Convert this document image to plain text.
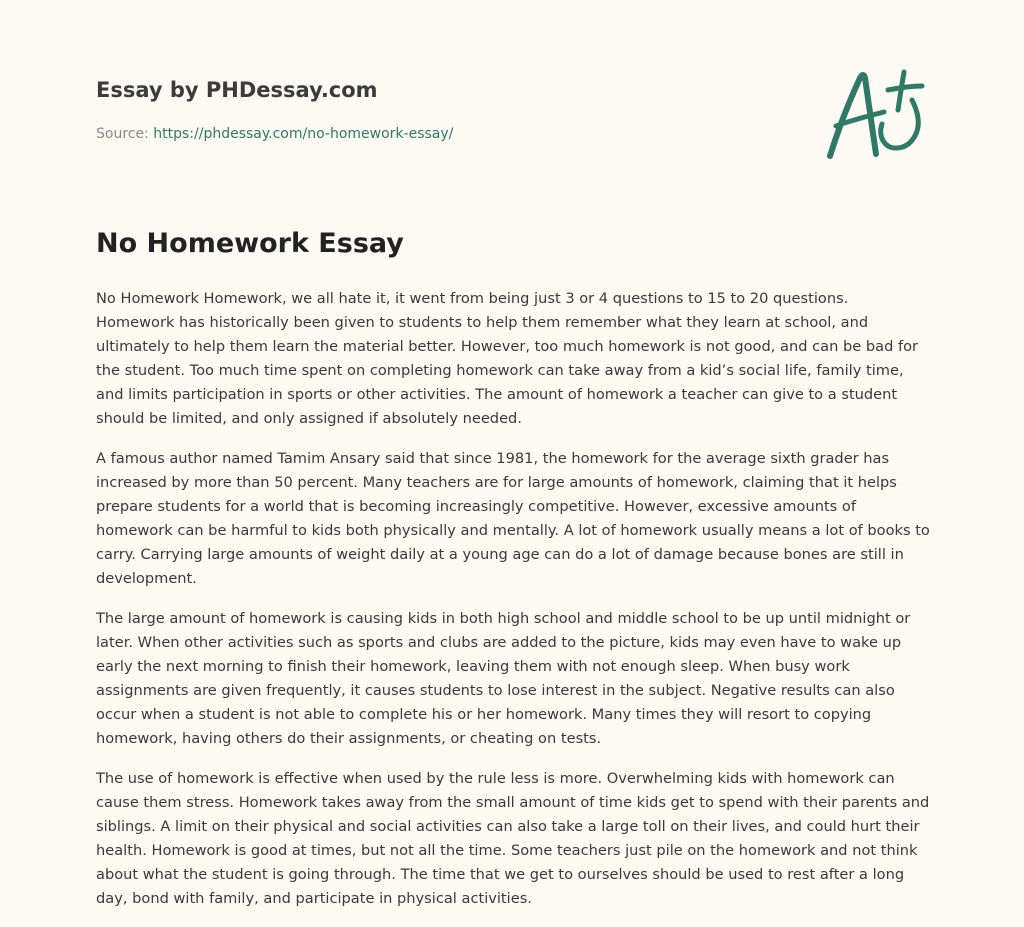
Essay by PHDessay.com
Source: https://phdessay.com/no-homework-essay/
No Homework Essay

No Homework Homework, we all hate it, it went from being just 3 or 4 questions to 15 to 20 questions. Homework has historically been given to students to help them remember what they learn at school, and ultimately to help them learn the material better. However, too much homework is not good, and can be bad for the student. Too much time spent on completing homework can take away from a kid’s social life, family time, and limits participation in sports or other activities. The amount of homework a teacher can give to a student should be limited, and only assigned if absolutely needed.

A famous author named Tamim Ansary said that since 1981, the homework for the average sixth grader has increased by more than 50 percent. Many teachers are for large amounts of homework, claiming that it helps prepare students for a world that is becoming increasingly competitive. However, excessive amounts of homework can be harmful to kids both physically and mentally. A lot of homework usually means a lot of books to carry. Carrying large amounts of weight daily at a young age can do a lot of damage because bones are still in development.

The large amount of homework is causing kids in both high school and middle school to be up until midnight or later. When other activities such as sports and clubs are added to the picture, kids may even have to wake up early the next morning to finish their homework, leaving them with not enough sleep. When busy work assignments are given frequently, it causes students to lose interest in the subject. Negative results can also occur when a student is not able to complete his or her homework. Many times they will resort to copying homework, having others do their assignments, or cheating on tests.

The use of homework is effective when used by the rule less is more. Overwhelming kids with homework can cause them stress. Homework takes away from the small amount of time kids get to spend with their parents and siblings. A limit on their physical and social activities can also take a large toll on their lives, and could hurt their health. Homework is good at times, but not all the time. Some teachers just pile on the homework and not think about what the student is going through. The time that we get to ourselves should be used to rest after a long day, bond with family, and participate in physical activities.
